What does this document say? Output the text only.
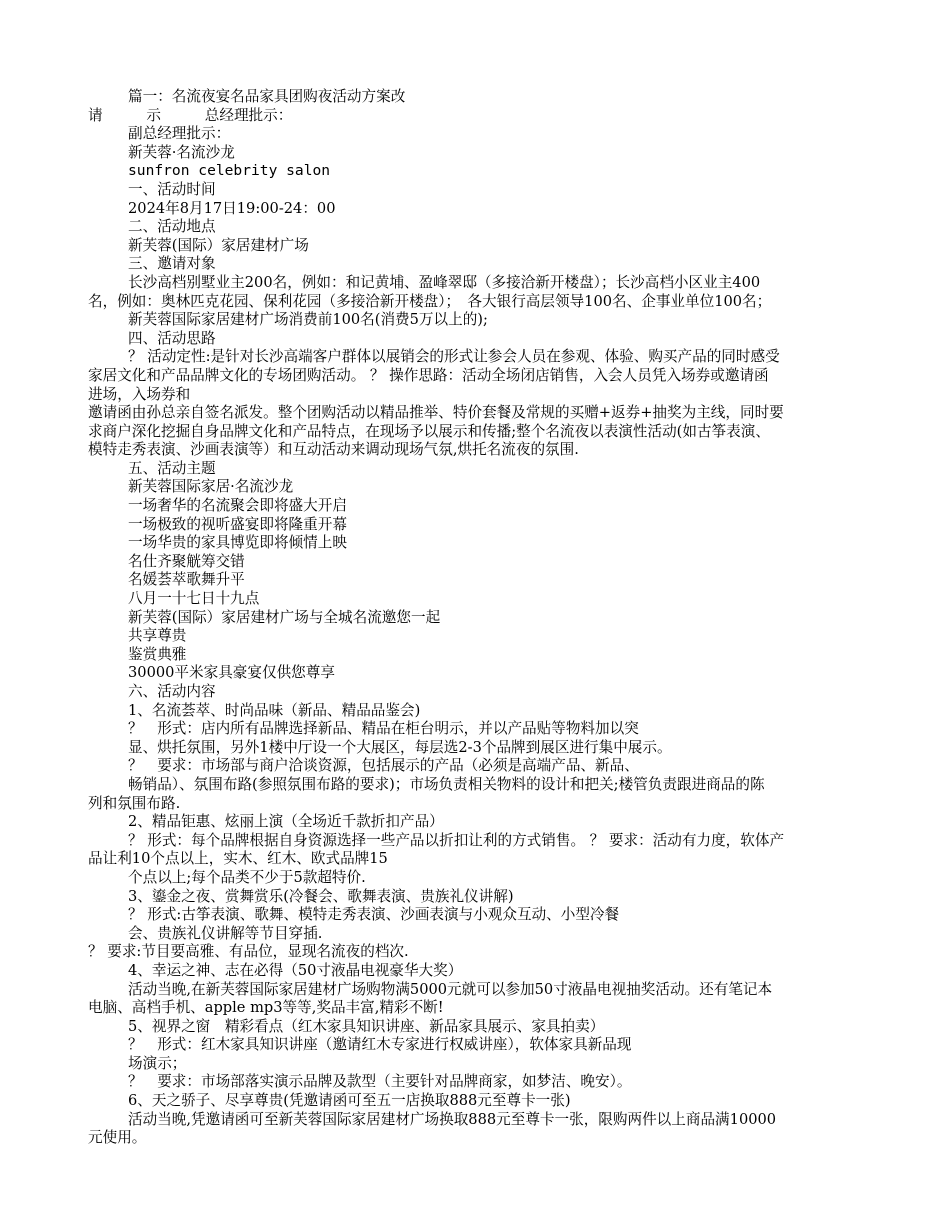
篇一：名流夜宴名品家具团购夜活动方案改
请　　　示　　　总经理批示：
副总经理批示：
新芙蓉·名流沙龙
sunfron celebrity salon
一、活动时间
2024年8月17日19:00-24：00
二、活动地点
新芙蓉(国际）家居建材广场
三、邀请对象
长沙高档别墅业主200名，例如：和记黄埔、盈峰翠邸（多接洽新开楼盘）；长沙高档小区业主400
名，例如：奥林匹克花园、保利花园（多接洽新开楼盘）；　各大银行高层领导100名、企事业单位100名；
新芙蓉国际家居建材广场消费前100名(消费5万以上的);
四、活动思路
？ 活动定性:是针对长沙高端客户群体以展销会的形式让参会人员在参观、体验、购买产品的同时感受
家居文化和产品品牌文化的专场团购活动。 ？ 操作思路：活动全场闭店销售，入会人员凭入场券或邀请函
进场，入场券和
邀请函由孙总亲自签名派发。整个团购活动以精品推举、特价套餐及常规的买赠+返券+抽奖为主线，同时要
求商户深化挖掘自身品牌文化和产品特点，在现场予以展示和传播;整个名流夜以表演性活动(如古筝表演、
模特走秀表演、沙画表演等）和互动活动来调动现场气氛,烘托名流夜的氛围.
五、活动主题
新芙蓉国际家居·名流沙龙
一场奢华的名流聚会即将盛大开启
一场极致的视听盛宴即将隆重开幕
一场华贵的家具博览即将倾情上映
名仕齐聚觥筹交错
名媛荟萃歌舞升平
八月一十七日十九点
新芙蓉(国际）家居建材广场与全城名流邀您一起
共享尊贵
鉴赏典雅
30000平米家具豪宴仅供您尊享
六、活动内容
1、名流荟萃、时尚品味（新品、精品品鉴会)
？　形式：店内所有品牌选择新品、精品在柜台明示，并以产品贴等物料加以突
显、烘托氛围，另外1楼中厅设一个大展区，每层选2-3个品牌到展区进行集中展示。
？　要求：市场部与商户洽谈资源，包括展示的产品（必须是高端产品、新品、
畅销品）、氛围布路(参照氛围布路的要求)；市场负责相关物料的设计和把关;楼管负责跟进商品的陈
列和氛围布路.
2、精品钜惠、炫丽上演（全场近千款折扣产品）
？ 形式：每个品牌根据自身资源选择一些产品以折扣让利的方式销售。 ？ 要求：活动有力度，软体产
品让利10个点以上，实木、红木、欧式品牌15
个点以上;每个品类不少于5款超特价.
3、鎏金之夜、赏舞赏乐(冷餐会、歌舞表演、贵族礼仪讲解)
？ 形式:古筝表演、歌舞、模特走秀表演、沙画表演与小观众互动、小型冷餐
会、贵族礼仪讲解等节目穿插.
？ 要求:节目要高雅、有品位，显现名流夜的档次.
4、幸运之神、志在必得（50寸液晶电视豪华大奖）
活动当晚,在新芙蓉国际家居建材广场购物满5000元就可以参加50寸液晶电视抽奖活动。还有笔记本
电脑、高档手机、apple mp3等等,奖品丰富,精彩不断!
5、视界之窗　精彩看点（红木家具知识讲座、新品家具展示、家具拍卖）
？　形式：红木家具知识讲座（邀请红木专家进行权威讲座），软体家具新品现
场演示；
？　要求：市场部落实演示品牌及款型（主要针对品牌商家，如梦洁、晚安）。
6、天之骄子、尽享尊贵(凭邀请函可至五一店换取888元至尊卡一张)
活动当晚,凭邀请函可至新芙蓉国际家居建材广场换取888元至尊卡一张，限购两件以上商品满10000
元使用。
